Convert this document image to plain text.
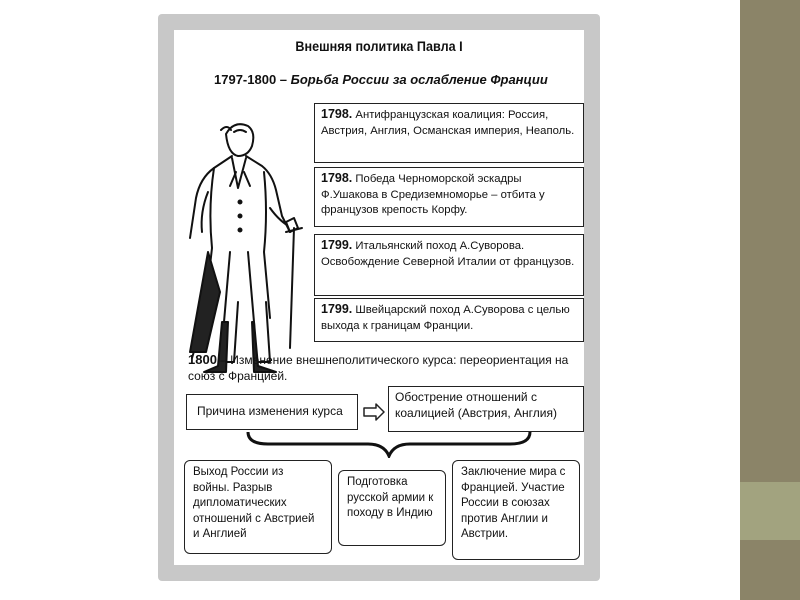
Внешняя политика Павла I
1797-1800 – Борьба России за ослабление Франции
1798. Антифранцузская коалиция: Россия, Австрия, Англия, Османская империя, Неаполь.
1798. Победа Черноморской эскадры Ф.Ушакова в Средиземноморье – отбита у французов крепость Корфу.
1799. Итальянский поход А.Суворова. Освобождение Северной Италии от французов.
1799. Швейцарский поход А.Суворова с целью выхода к границам Франции.
1800 – Изменение внешнеполитического курса: переориентация на союз с Францией.
Причина изменения курса
Обострение отношений с коалицией (Австрия, Англия)
Выход России из войны. Разрыв дипломатических отношений с Австрией и Англией
Подготовка русской армии к походу в Индию
Заключение мира с Францией. Участие России в союзах против Англии и Австрии.
